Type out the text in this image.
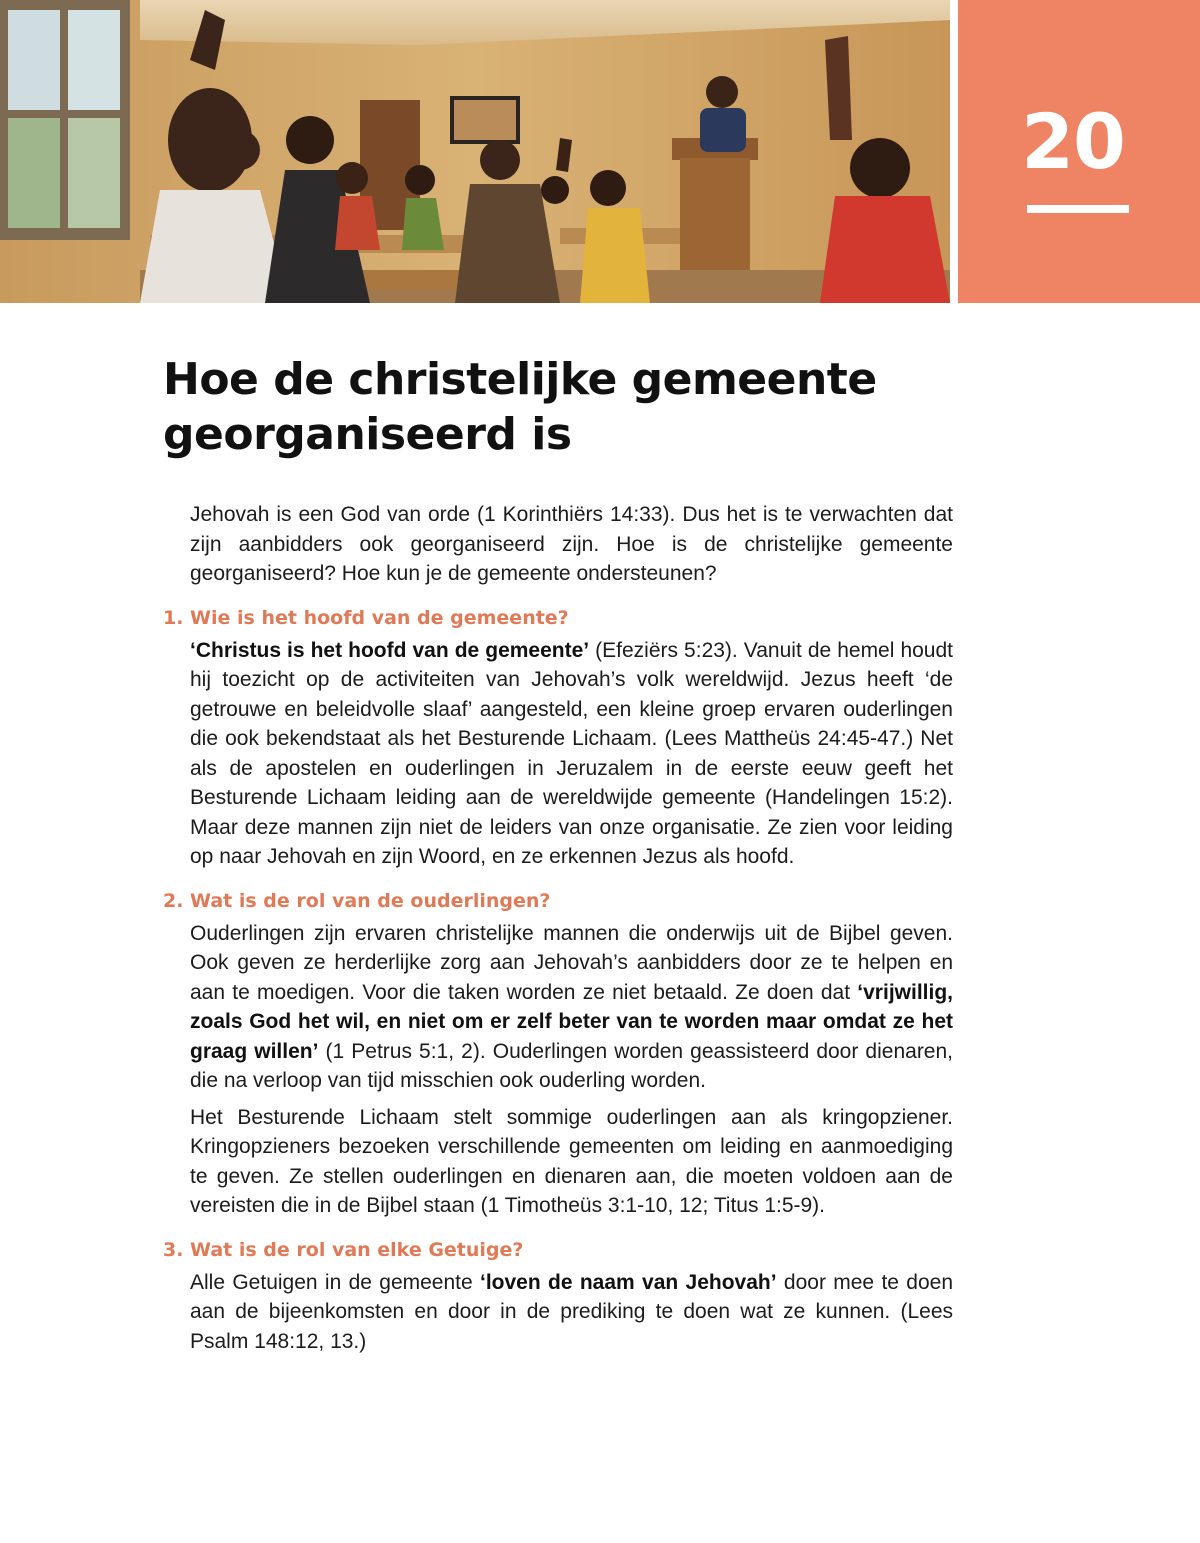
20
Hoe de christelijke gemeente georganiseerd is

Jehovah is een God van orde (1 Korinthiërs 14:33). Dus het is te verwachten dat zijn aanbidders ook georganiseerd zijn. Hoe is de christelijke gemeente georganiseerd? Hoe kun je de gemeente ondersteunen?

1. Wie is het hoofd van de gemeente?

‘Christus is het hoofd van de gemeente’ (Efeziërs 5:23). Vanuit de hemel houdt hij toezicht op de activiteiten van Jehovah’s volk wereldwijd. Jezus heeft ‘de getrouwe en beleidvolle slaaf’ aangesteld, een kleine groep ervaren ouderlingen die ook bekendstaat als het Besturende Lichaam. (Lees Mattheüs 24:45-47.) Net als de apostelen en ouderlingen in Jeruzalem in de eerste eeuw geeft het Besturende Lichaam leiding aan de wereldwijde gemeente (Handelingen 15:2). Maar deze mannen zijn niet de leiders van onze organisatie. Ze zien voor leiding op naar Jehovah en zijn Woord, en ze erkennen Jezus als hoofd.

2. Wat is de rol van de ouderlingen?

Ouderlingen zijn ervaren christelijke mannen die onderwijs uit de Bijbel geven. Ook geven ze herderlijke zorg aan Jehovah’s aanbidders door ze te helpen en aan te moedigen. Voor die taken worden ze niet betaald. Ze doen dat ‘vrijwillig, zoals God het wil, en niet om er zelf beter van te worden maar omdat ze het graag willen’ (1 Petrus 5:1, 2). Ouderlingen worden geassisteerd door dienaren, die na verloop van tijd misschien ook ouderling worden.

Het Besturende Lichaam stelt sommige ouderlingen aan als kringopziener. Kringopzieners bezoeken verschillende gemeenten om leiding en aanmoediging te geven. Ze stellen ouderlingen en dienaren aan, die moeten voldoen aan de vereisten die in de Bijbel staan (1 Timotheüs 3:1-10, 12; Titus 1:5-9).

3. Wat is de rol van elke Getuige?

Alle Getuigen in de gemeente ‘loven de naam van Jehovah’ door mee te doen aan de bijeenkomsten en door in de prediking te doen wat ze kunnen. (Lees Psalm 148:12, 13.)
